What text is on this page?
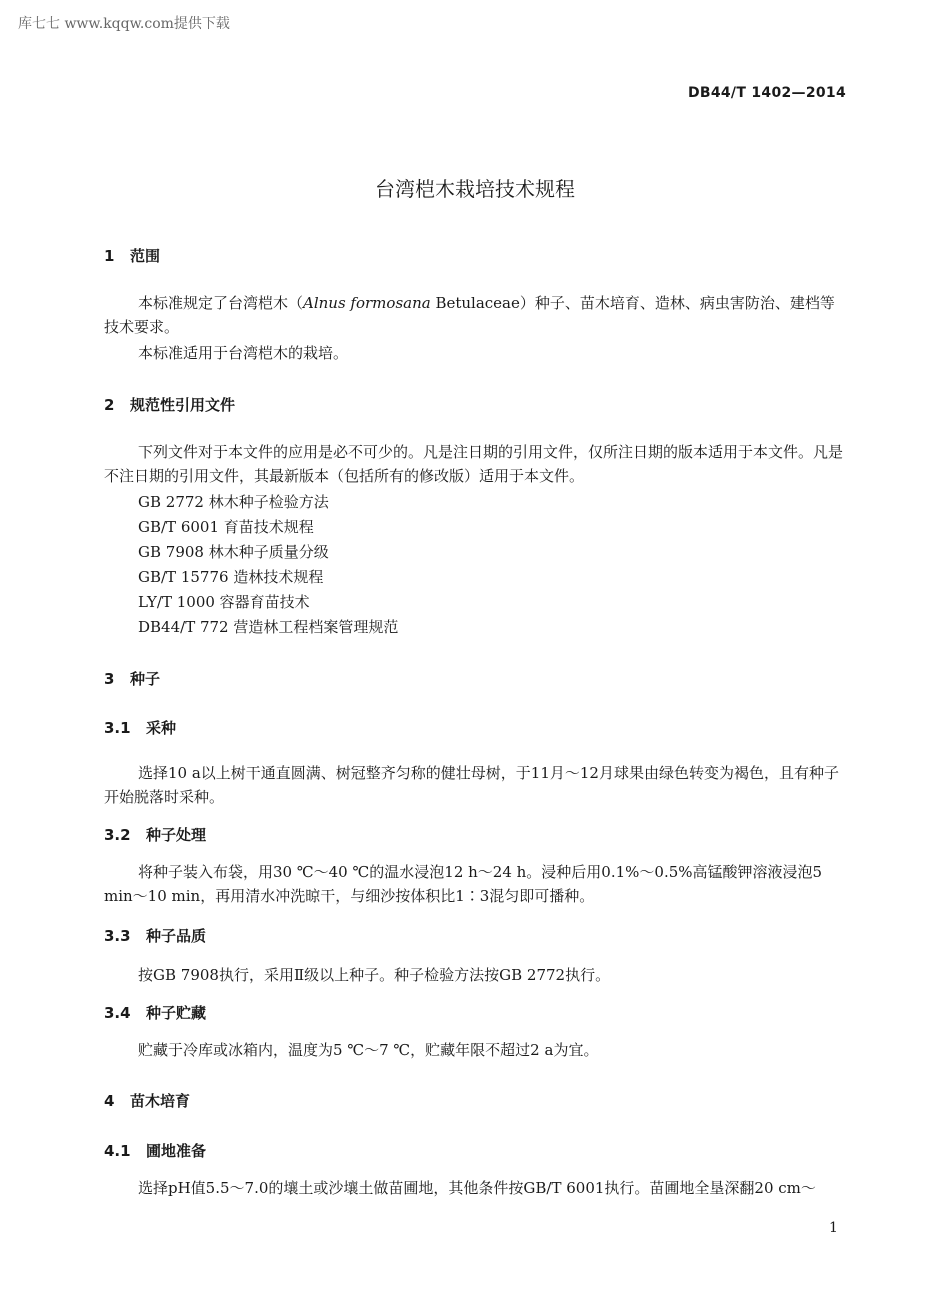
库七七 www.kqqw.com提供下载
DB44/T 1402—2014
台湾桤木栽培技术规程
1 范围
本标准规定了台湾桤木（Alnus formosana Betulaceae）种子、苗木培育、造林、病虫害防治、建档等技术要求。
本标准适用于台湾桤木的栽培。
2 规范性引用文件
下列文件对于本文件的应用是必不可少的。凡是注日期的引用文件，仅所注日期的版本适用于本文件。凡是不注日期的引用文件，其最新版本（包括所有的修改版）适用于本文件。
GB 2772 林木种子检验方法
GB/T 6001 育苗技术规程
GB 7908 林木种子质量分级
GB/T 15776 造林技术规程
LY/T 1000 容器育苗技术
DB44/T 772 营造林工程档案管理规范
3 种子
3.1 采种
选择10 a以上树干通直圆满、树冠整齐匀称的健壮母树，于11月～12月球果由绿色转变为褐色，且有种子开始脱落时采种。
3.2 种子处理
将种子装入布袋，用30 ℃～40 ℃的温水浸泡12 h～24 h。浸种后用0.1%～0.5%高锰酸钾溶液浸泡5 min～10 min，再用清水冲洗晾干，与细沙按体积比1∶3混匀即可播种。
3.3 种子品质
按GB 7908执行，采用Ⅱ级以上种子。种子检验方法按GB 2772执行。
3.4 种子贮藏
贮藏于冷库或冰箱内，温度为5 ℃～7 ℃，贮藏年限不超过2 a为宜。
4 苗木培育
4.1 圃地准备
选择pH值5.5～7.0的壤土或沙壤土做苗圃地，其他条件按GB/T 6001执行。苗圃地全垦深翻20 cm～
1
